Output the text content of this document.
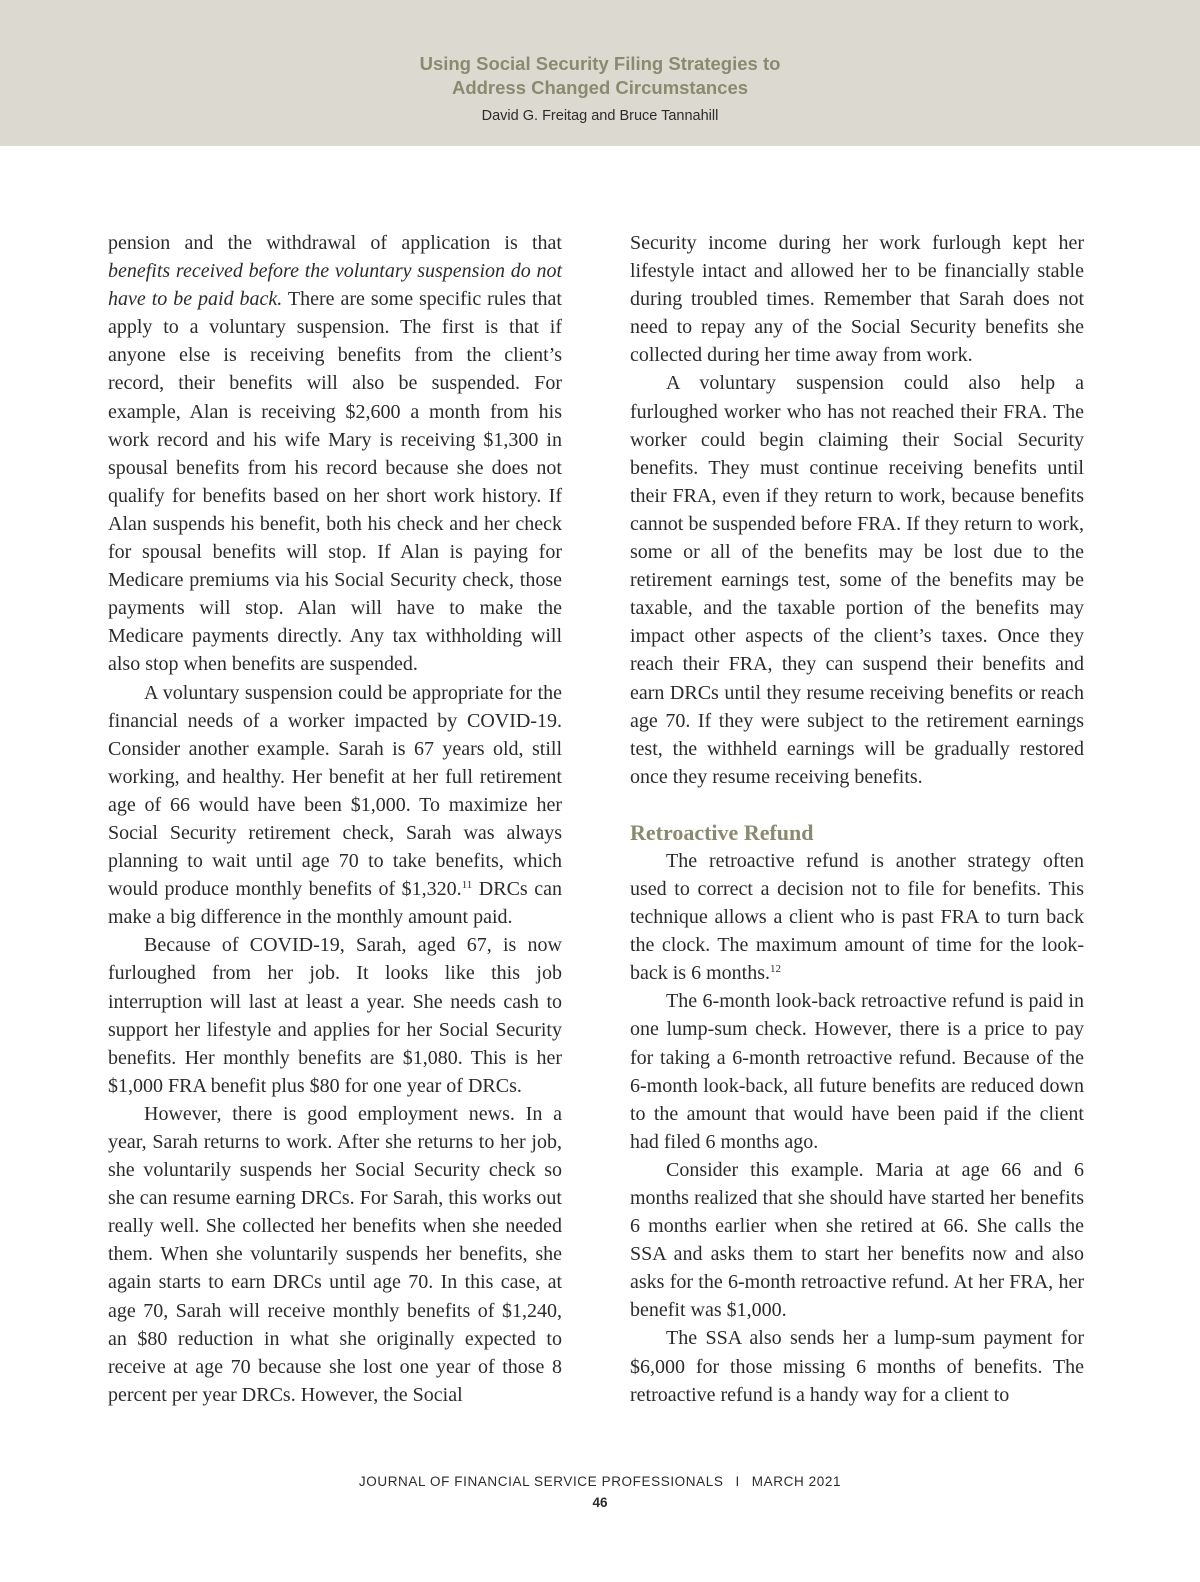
Using Social Security Filing Strategies to
Address Changed Circumstances
David G. Freitag and Bruce Tannahill

pension and the withdrawal of application is that benefits received before the voluntary suspension do not have to be paid back. There are some specific rules that apply to a voluntary suspension. The first is that if anyone else is receiving benefits from the client’s record, their benefits will also be suspended. For example, Alan is receiving $2,600 a month from his work record and his wife Mary is receiving $1,300 in spousal benefits from his record because she does not qualify for benefits based on her short work history. If Alan suspends his benefit, both his check and her check for spousal benefits will stop. If Alan is paying for Medicare premiums via his Social Security check, those payments will stop. Alan will have to make the Medicare payments directly. Any tax withholding will also stop when benefits are suspended.

A voluntary suspension could be appropriate for the financial needs of a worker impacted by COVID-19. Consider another example. Sarah is 67 years old, still working, and healthy. Her benefit at her full retirement age of 66 would have been $1,000. To maximize her Social Security retirement check, Sarah was always planning to wait until age 70 to take benefits, which would produce monthly benefits of $1,320.11 DRCs can make a big difference in the monthly amount paid.

Because of COVID-19, Sarah, aged 67, is now furloughed from her job. It looks like this job interruption will last at least a year. She needs cash to support her lifestyle and applies for her Social Security benefits. Her monthly benefits are $1,080. This is her $1,000 FRA benefit plus $80 for one year of DRCs.

However, there is good employment news. In a year, Sarah returns to work. After she returns to her job, she voluntarily suspends her Social Security check so she can resume earning DRCs. For Sarah, this works out really well. She collected her benefits when she needed them. When she voluntarily suspends her benefits, she again starts to earn DRCs until age 70. In this case, at age 70, Sarah will receive monthly benefits of $1,240, an $80 reduction in what she originally expected to receive at age 70 because she lost one year of those 8 percent per year DRCs. However, the Social

Security income during her work furlough kept her lifestyle intact and allowed her to be financially stable during troubled times. Remember that Sarah does not need to repay any of the Social Security benefits she collected during her time away from work.

A voluntary suspension could also help a furloughed worker who has not reached their FRA. The worker could begin claiming their Social Security benefits. They must continue receiving benefits until their FRA, even if they return to work, because benefits cannot be suspended before FRA. If they return to work, some or all of the benefits may be lost due to the retirement earnings test, some of the benefits may be taxable, and the taxable portion of the benefits may impact other aspects of the client’s taxes. Once they reach their FRA, they can suspend their benefits and earn DRCs until they resume receiving benefits or reach age 70. If they were subject to the retirement earnings test, the withheld earnings will be gradually restored once they resume receiving benefits.

Retroactive Refund

The retroactive refund is another strategy often used to correct a decision not to file for benefits. This technique allows a client who is past FRA to turn back the clock. The maximum amount of time for the look-back is 6 months.$^{12}$

The 6-month look-back retroactive refund is paid in one lump-sum check. However, there is a price to pay for taking a 6-month retroactive refund. Because of the 6-month look-back, all future benefits are reduced down to the amount that would have been paid if the client had filed 6 months ago.

Consider this example. Maria at age 66 and 6 months realized that she should have started her benefits 6 months earlier when she retired at 66. She calls the SSA and asks them to start her benefits now and also asks for the 6-month retroactive refund. At her FRA, her benefit was $1,000.

The SSA also sends her a lump-sum payment for $6,000 for those missing 6 months of benefits. The retroactive refund is a handy way for a client to

JOURNAL OF FINANCIAL SERVICE PROFESSIONALS I MARCH 2021
46
